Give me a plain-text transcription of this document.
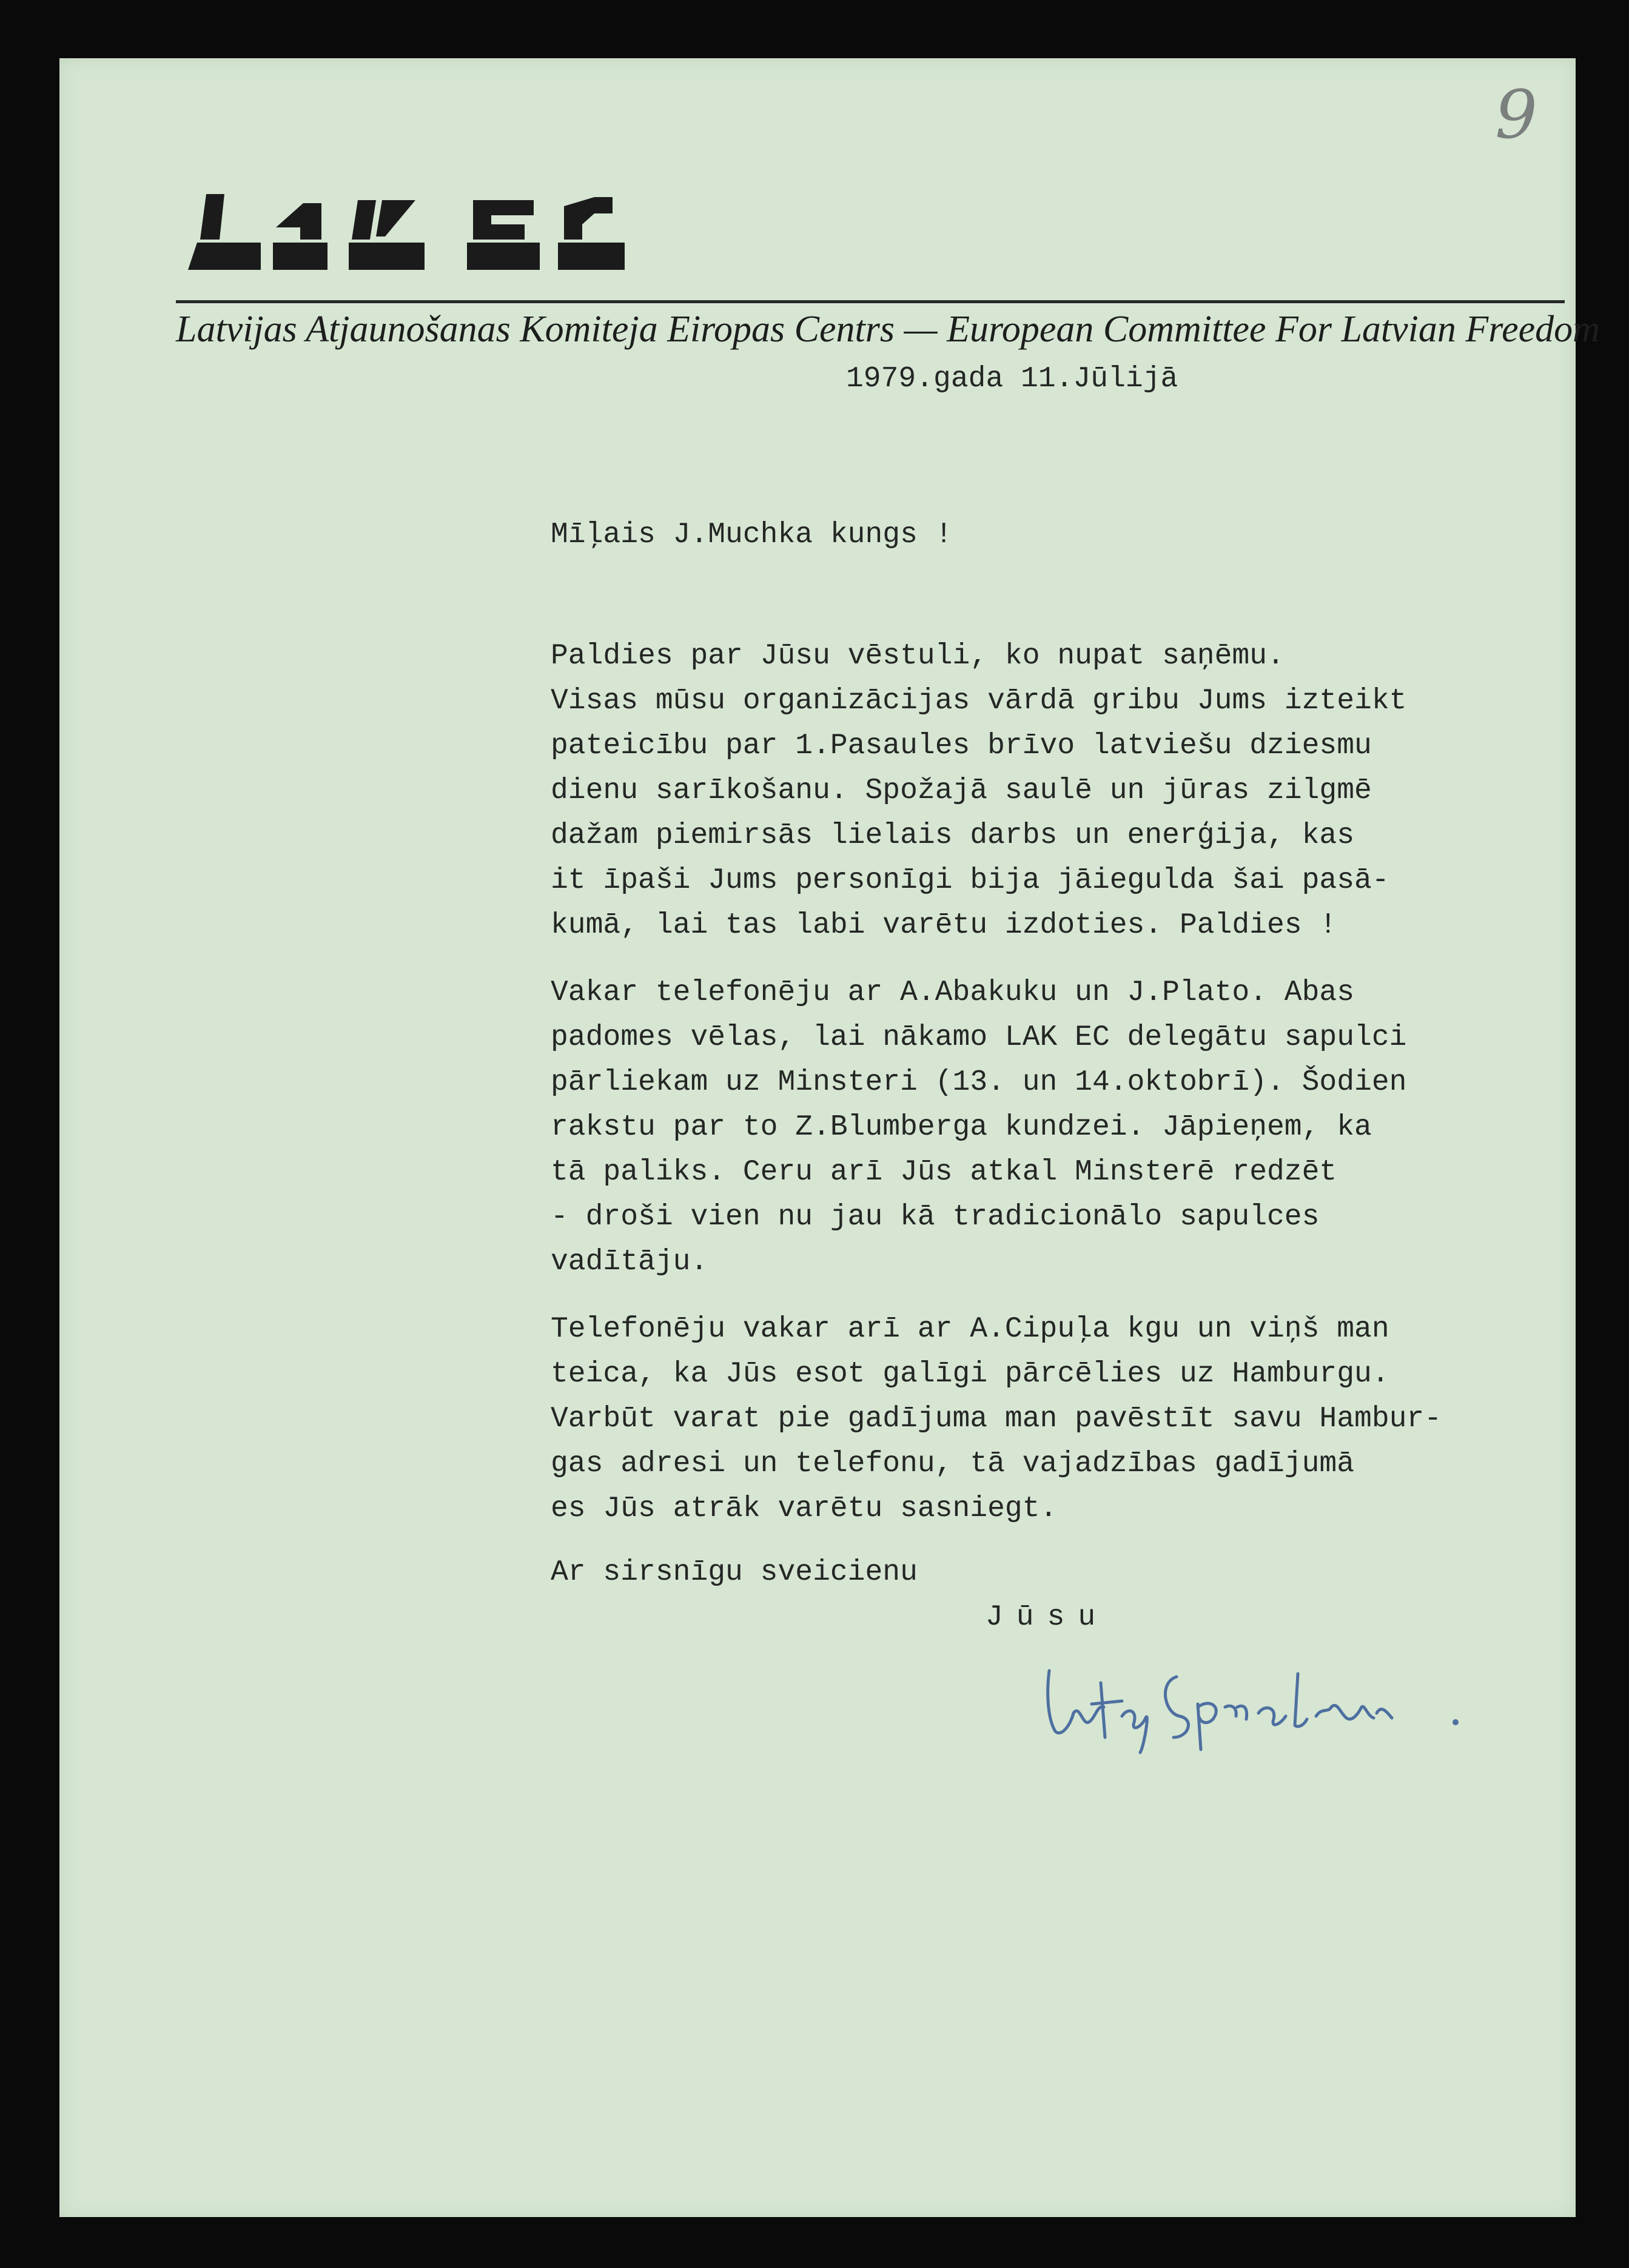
9
Latvijas Atjaunošanas Komiteja Eiropas Centrs — European Committee For Latvian Freedom
1979.gada 11.Jūlijā
Mīļais J.Muchka kungs !
Paldies par Jūsu vēstuli, ko nupat saņēmu.
Visas mūsu organizācijas vārdā gribu Jums izteikt
pateicību par 1.Pasaules brīvo latviešu dziesmu
dienu sarīkošanu. Spožajā saulē un jūras zilgmē
dažam piemirsās lielais darbs un enerģija, kas
it īpaši Jums personīgi bija jāiegulda šai pasā-
kumā, lai tas labi varētu izdoties. Paldies !
Vakar telefonēju ar A.Abakuku un J.Plato. Abas
padomes vēlas, lai nākamo LAK EC delegātu sapulci
pārliekam uz Minsteri (13. un 14.oktobrī). Šodien
rakstu par to Z.Blumberga kundzei. Jāpieņem, ka
tā paliks. Ceru arī Jūs atkal Minsterē redzēt
- droši vien nu jau kā tradicionālo sapulces
vadītāju.
Telefonēju vakar arī ar A.Cipuļa kgu un viņš man
teica, ka Jūs esot galīgi pārcēlies uz Hamburgu.
Varbūt varat pie gadījuma man pavēstīt savu Hambur-
gas adresi un telefonu, tā vajadzības gadījumā
es Jūs atrāk varētu sasniegt.
Ar sirsnīgu sveicienu
Jūsu
